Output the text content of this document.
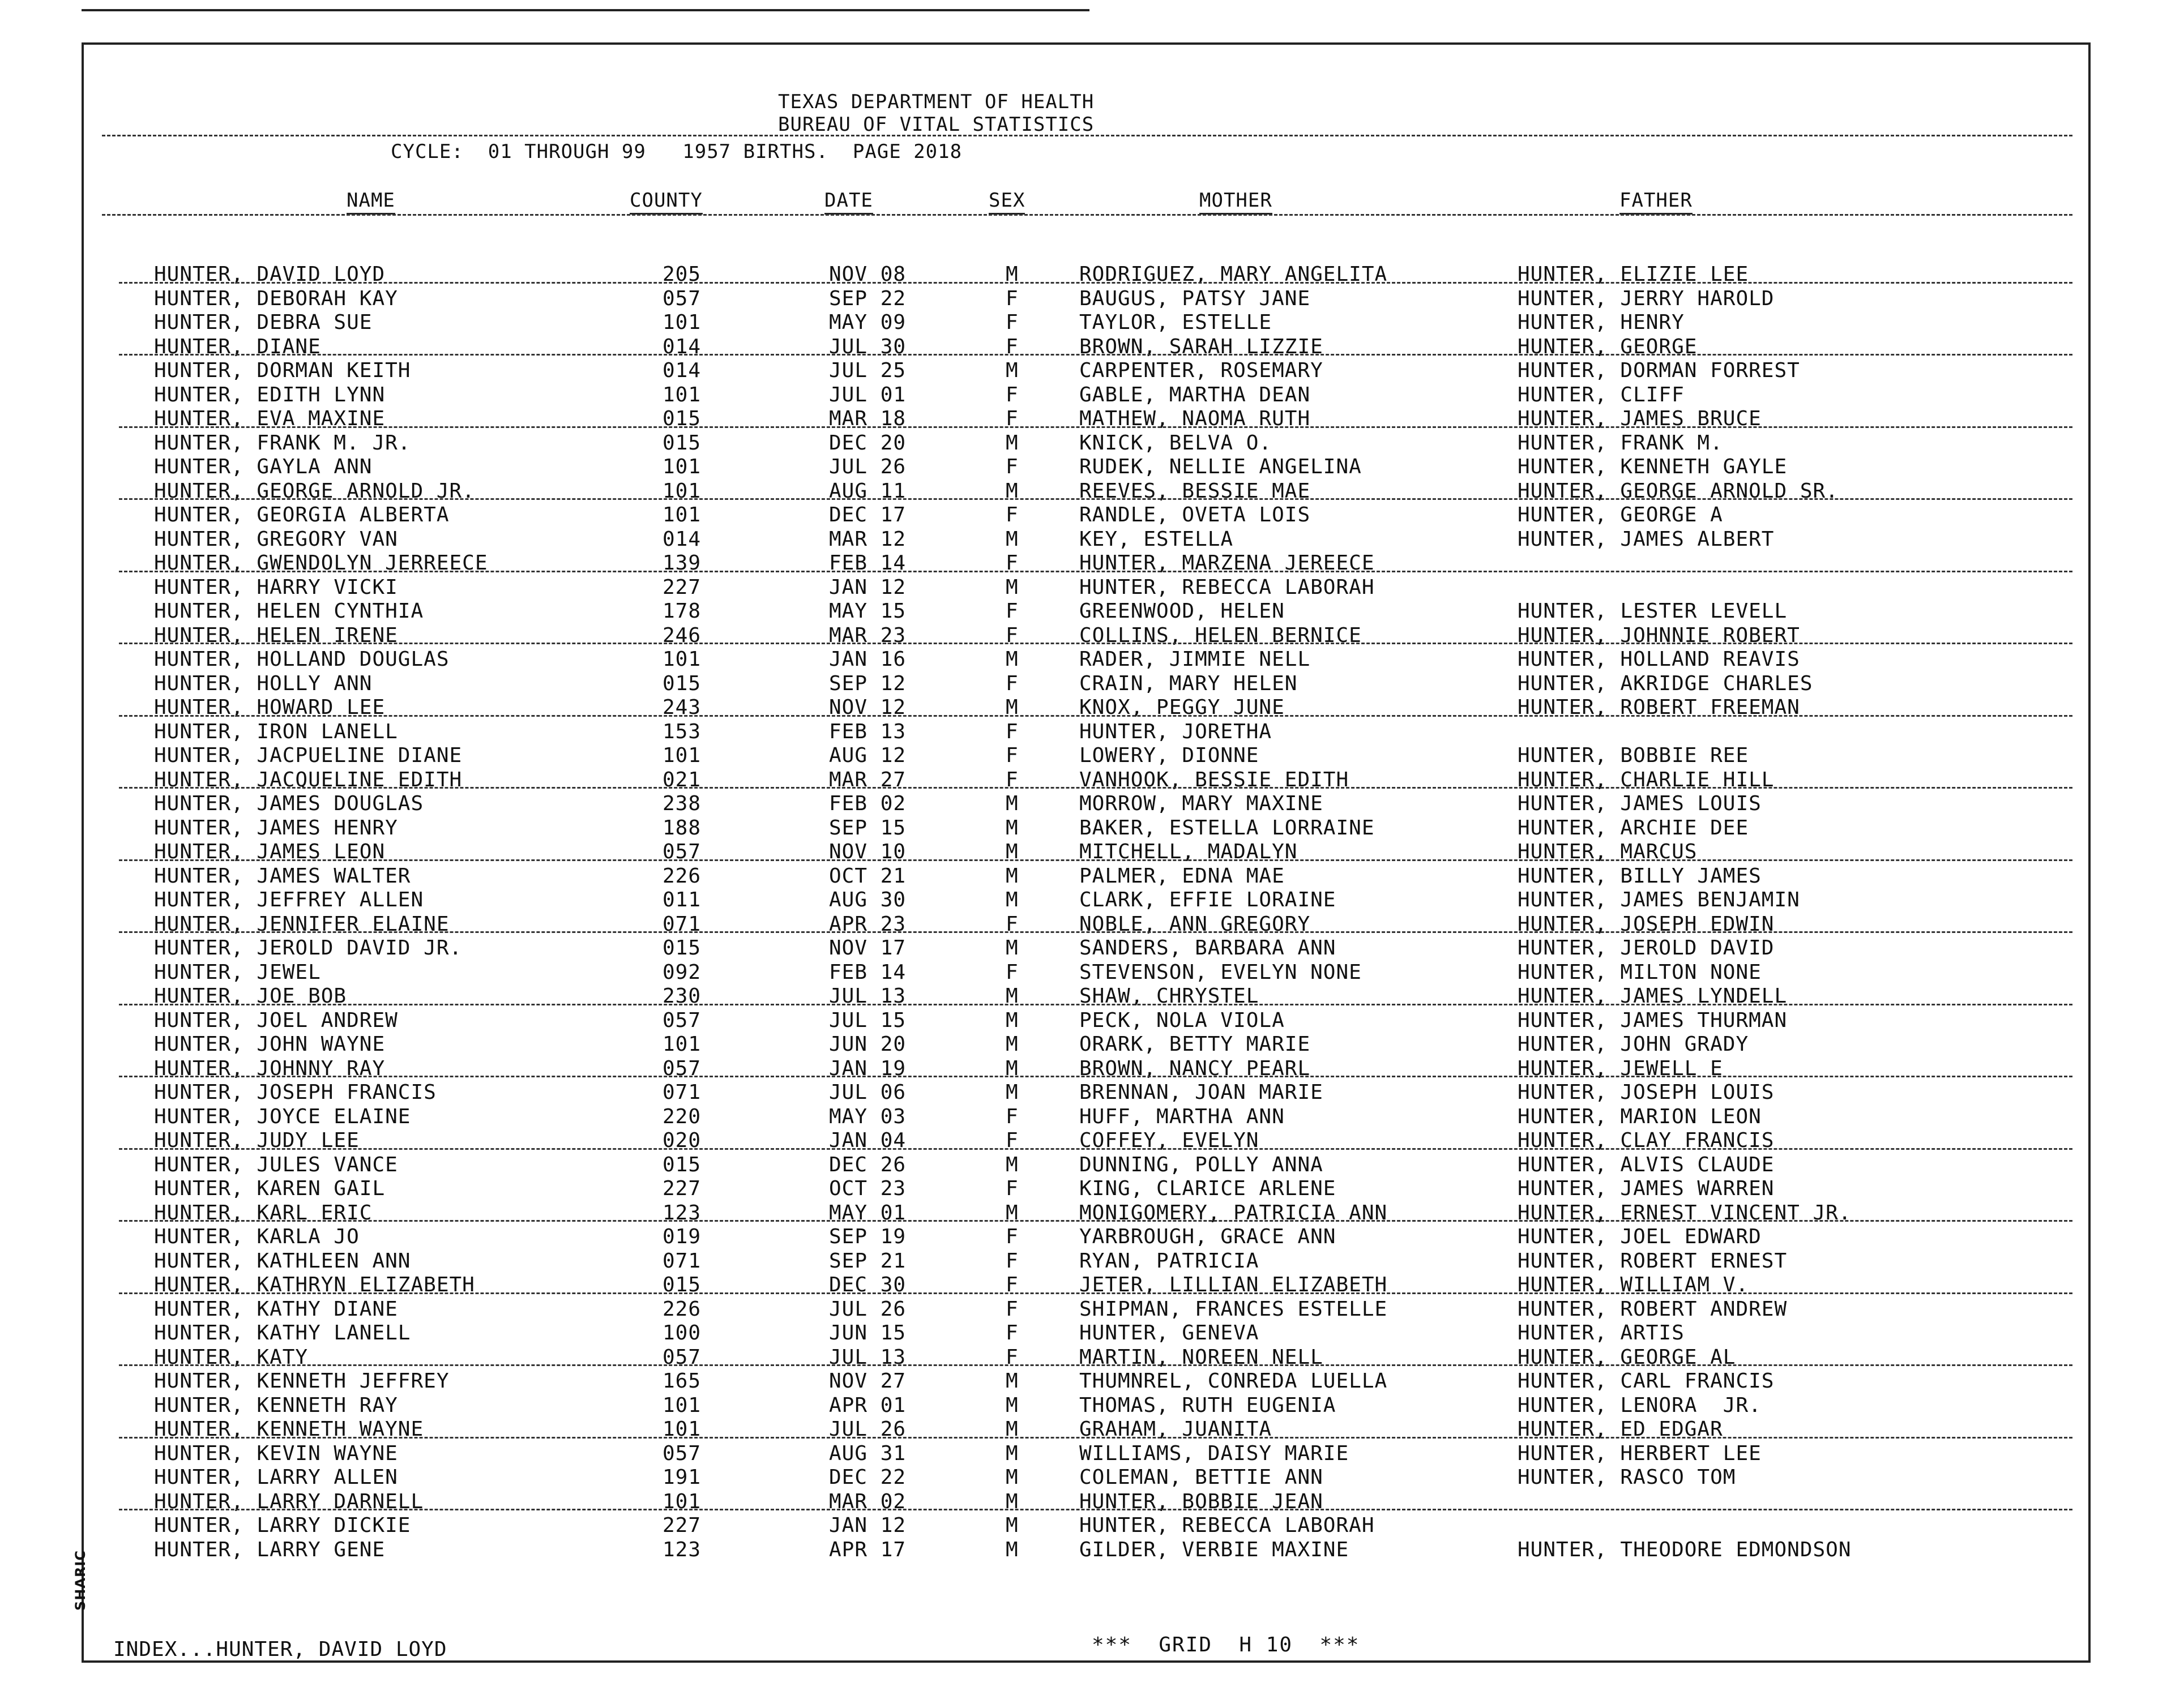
TEXAS DEPARTMENT OF HEALTH
BUREAU OF VITAL STATISTICS
CYCLE:  01 THROUGH 99   1957 BIRTHS.  PAGE 2018
NAME	COUNTY	DATE	SEX	MOTHER	FATHER
HUNTER, DAVID LOYD	205	NOV 08	M	RODRIGUEZ, MARY ANGELITA	HUNTER, ELIZIE LEE
HUNTER, DEBORAH KAY	057	SEP 22	F	BAUGUS, PATSY JANE	HUNTER, JERRY HAROLD
HUNTER, DEBRA SUE	101	MAY 09	F	TAYLOR, ESTELLE	HUNTER, HENRY
HUNTER, DIANE	014	JUL 30	F	BROWN, SARAH LIZZIE	HUNTER, GEORGE
HUNTER, DORMAN KEITH	014	JUL 25	M	CARPENTER, ROSEMARY	HUNTER, DORMAN FORREST
HUNTER, EDITH LYNN	101	JUL 01	F	GABLE, MARTHA DEAN	HUNTER, CLIFF
HUNTER, EVA MAXINE	015	MAR 18	F	MATHEW, NAOMA RUTH	HUNTER, JAMES BRUCE
HUNTER, FRANK M. JR.	015	DEC 20	M	KNICK, BELVA O.	HUNTER, FRANK M.
HUNTER, GAYLA ANN	101	JUL 26	F	RUDEK, NELLIE ANGELINA	HUNTER, KENNETH GAYLE
HUNTER, GEORGE ARNOLD JR.	101	AUG 11	M	REEVES, BESSIE MAE	HUNTER, GEORGE ARNOLD SR.
HUNTER, GEORGIA ALBERTA	101	DEC 17	F	RANDLE, OVETA LOIS	HUNTER, GEORGE A
HUNTER, GREGORY VAN	014	MAR 12	M	KEY, ESTELLA	HUNTER, JAMES ALBERT
HUNTER, GWENDOLYN JERREECE	139	FEB 14	F	HUNTER, MARZENA JEREECE
HUNTER, HARRY VICKI	227	JAN 12	M	HUNTER, REBECCA LABORAH
HUNTER, HELEN CYNTHIA	178	MAY 15	F	GREENWOOD, HELEN	HUNTER, LESTER LEVELL
HUNTER, HELEN IRENE	246	MAR 23	F	COLLINS, HELEN BERNICE	HUNTER, JOHNNIE ROBERT
HUNTER, HOLLAND DOUGLAS	101	JAN 16	M	RADER, JIMMIE NELL	HUNTER, HOLLAND REAVIS
HUNTER, HOLLY ANN	015	SEP 12	F	CRAIN, MARY HELEN	HUNTER, AKRIDGE CHARLES
HUNTER, HOWARD LEE	243	NOV 12	M	KNOX, PEGGY JUNE	HUNTER, ROBERT FREEMAN
HUNTER, IRON LANELL	153	FEB 13	F	HUNTER, JORETHA
HUNTER, JACPUELINE DIANE	101	AUG 12	F	LOWERY, DIONNE	HUNTER, BOBBIE REE
HUNTER, JACQUELINE EDITH	021	MAR 27	F	VANHOOK, BESSIE EDITH	HUNTER, CHARLIE HILL
HUNTER, JAMES DOUGLAS	238	FEB 02	M	MORROW, MARY MAXINE	HUNTER, JAMES LOUIS
HUNTER, JAMES HENRY	188	SEP 15	M	BAKER, ESTELLA LORRAINE	HUNTER, ARCHIE DEE
HUNTER, JAMES LEON	057	NOV 10	M	MITCHELL, MADALYN	HUNTER, MARCUS
HUNTER, JAMES WALTER	226	OCT 21	M	PALMER, EDNA MAE	HUNTER, BILLY JAMES
HUNTER, JEFFREY ALLEN	011	AUG 30	M	CLARK, EFFIE LORAINE	HUNTER, JAMES BENJAMIN
HUNTER, JENNIFER ELAINE	071	APR 23	F	NOBLE, ANN GREGORY	HUNTER, JOSEPH EDWIN
HUNTER, JEROLD DAVID JR.	015	NOV 17	M	SANDERS, BARBARA ANN	HUNTER, JEROLD DAVID
HUNTER, JEWEL	092	FEB 14	F	STEVENSON, EVELYN NONE	HUNTER, MILTON NONE
HUNTER, JOE BOB	230	JUL 13	M	SHAW, CHRYSTEL	HUNTER, JAMES LYNDELL
HUNTER, JOEL ANDREW	057	JUL 15	M	PECK, NOLA VIOLA	HUNTER, JAMES THURMAN
HUNTER, JOHN WAYNE	101	JUN 20	M	ORARK, BETTY MARIE	HUNTER, JOHN GRADY
HUNTER, JOHNNY RAY	057	JAN 19	M	BROWN, NANCY PEARL	HUNTER, JEWELL E
HUNTER, JOSEPH FRANCIS	071	JUL 06	M	BRENNAN, JOAN MARIE	HUNTER, JOSEPH LOUIS
HUNTER, JOYCE ELAINE	220	MAY 03	F	HUFF, MARTHA ANN	HUNTER, MARION LEON
HUNTER, JUDY LEE	020	JAN 04	F	COFFEY, EVELYN	HUNTER, CLAY FRANCIS
HUNTER, JULES VANCE	015	DEC 26	M	DUNNING, POLLY ANNA	HUNTER, ALVIS CLAUDE
HUNTER, KAREN GAIL	227	OCT 23	F	KING, CLARICE ARLENE	HUNTER, JAMES WARREN
HUNTER, KARL ERIC	123	MAY 01	M	MONIGOMERY, PATRICIA ANN	HUNTER, ERNEST VINCENT JR.
HUNTER, KARLA JO	019	SEP 19	F	YARBROUGH, GRACE ANN	HUNTER, JOEL EDWARD
HUNTER, KATHLEEN ANN	071	SEP 21	F	RYAN, PATRICIA	HUNTER, ROBERT ERNEST
HUNTER, KATHRYN ELIZABETH	015	DEC 30	F	JETER, LILLIAN ELIZABETH	HUNTER, WILLIAM V.
HUNTER, KATHY DIANE	226	JUL 26	F	SHIPMAN, FRANCES ESTELLE	HUNTER, ROBERT ANDREW
HUNTER, KATHY LANELL	100	JUN 15	F	HUNTER, GENEVA	HUNTER, ARTIS
HUNTER, KATY	057	JUL 13	F	MARTIN, NOREEN NELL	HUNTER, GEORGE AL
HUNTER, KENNETH JEFFREY	165	NOV 27	M	THUMNREL, CONREDA LUELLA	HUNTER, CARL FRANCIS
HUNTER, KENNETH RAY	101	APR 01	M	THOMAS, RUTH EUGENIA	HUNTER, LENORA  JR.
HUNTER, KENNETH WAYNE	101	JUL 26	M	GRAHAM, JUANITA	HUNTER, ED EDGAR
HUNTER, KEVIN WAYNE	057	AUG 31	M	WILLIAMS, DAISY MARIE	HUNTER, HERBERT LEE
HUNTER, LARRY ALLEN	191	DEC 22	M	COLEMAN, BETTIE ANN	HUNTER, RASCO TOM
HUNTER, LARRY DARNELL	101	MAR 02	M	HUNTER, BOBBIE JEAN
HUNTER, LARRY DICKIE	227	JAN 12	M	HUNTER, REBECCA LABORAH
HUNTER, LARRY GENE	123	APR 17	M	GILDER, VERBIE MAXINE	HUNTER, THEODORE EDMONDSON
INDEX...HUNTER, DAVID LOYD	***  GRID  H 10  ***
SHARIC
